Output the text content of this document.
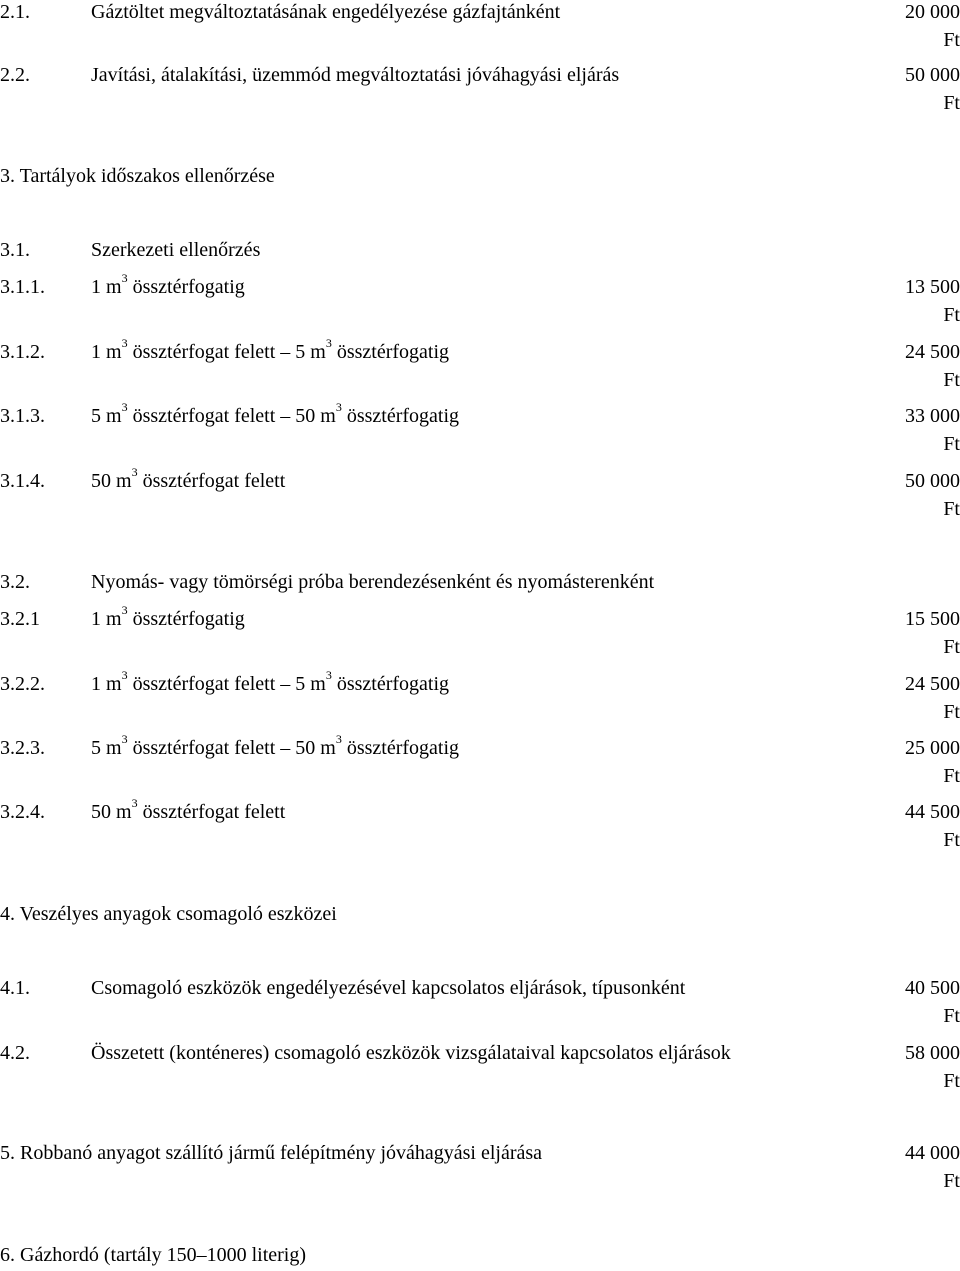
2.1.	Gáztöltet megváltoztatásának engedélyezése gázfajtánként	20 000
Ft
2.2.	Javítási, átalakítási, üzemmód megváltoztatási jóváhagyási eljárás	50 000
Ft
3. Tartályok időszakos ellenőrzése
3.1.	Szerkezeti ellenőrzés
3.1.1. 1 $m^3$ össztérfogatig	13 500
Ft
3.1.2. 1 $m^3$ össztérfogat felett – 5 $m^3$ össztérfogatig	24 500
Ft
3.1.3. 5 $m^3$ össztérfogat felett – 50 $m^3$ össztérfogatig	33 000
Ft
3.1.4. 50 $m^3$ össztérfogat felett	50 000
Ft
3.2.	Nyomás- vagy tömörségi próba berendezésenként és nyomásterenként
3.2.1	1 $m^3$ össztérfogatig	15 500
Ft
3.2.2. 1 $m^3$ össztérfogat felett – 5 $m^3$ össztérfogatig	24 500
Ft
3.2.3. 5 $m^3$ össztérfogat felett – 50 $m^3$ össztérfogatig	25 000
Ft
3.2.4. 50 $m^3$ össztérfogat felett	44 500
Ft
4. Veszélyes anyagok csomagoló eszközei
4.1.	Csomagoló eszközök engedélyezésével kapcsolatos eljárások, típusonként	40 500
Ft
4.2.	Összetett (konténeres) csomagoló eszközök vizsgálataival kapcsolatos eljárások	58 000
Ft
5. Robbanó anyagot szállító jármű felépítmény jóváhagyási eljárása	44 000
Ft
6. Gázhordó (tartály 150–1000 literig)
